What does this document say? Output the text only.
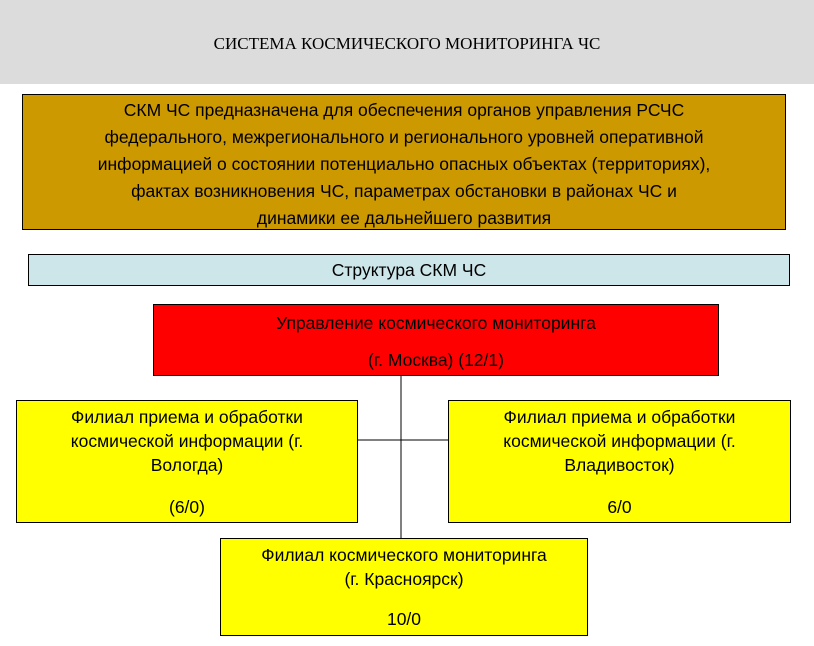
СИСТЕМА КОСМИЧЕСКОГО МОНИТОРИНГА ЧС
СКМ ЧС предназначена для обеспечения органов управления РСЧС
федерального, межрегионального и регионального уровней оперативной
информацией о состоянии потенциально опасных объектах (территориях),
фактах возникновения ЧС, параметрах обстановки в районах ЧС и
динамики ее дальнейшего развития
Структура СКМ ЧС
Управление космического мониторинга
(г. Москва) (12/1)
Филиал приема и обработки
космической информации (г.
Вологда)
(6/0)
Филиал приема и обработки
космической информации (г.
Владивосток)
6/0
Филиал космического мониторинга
(г. Красноярск)
10/0
